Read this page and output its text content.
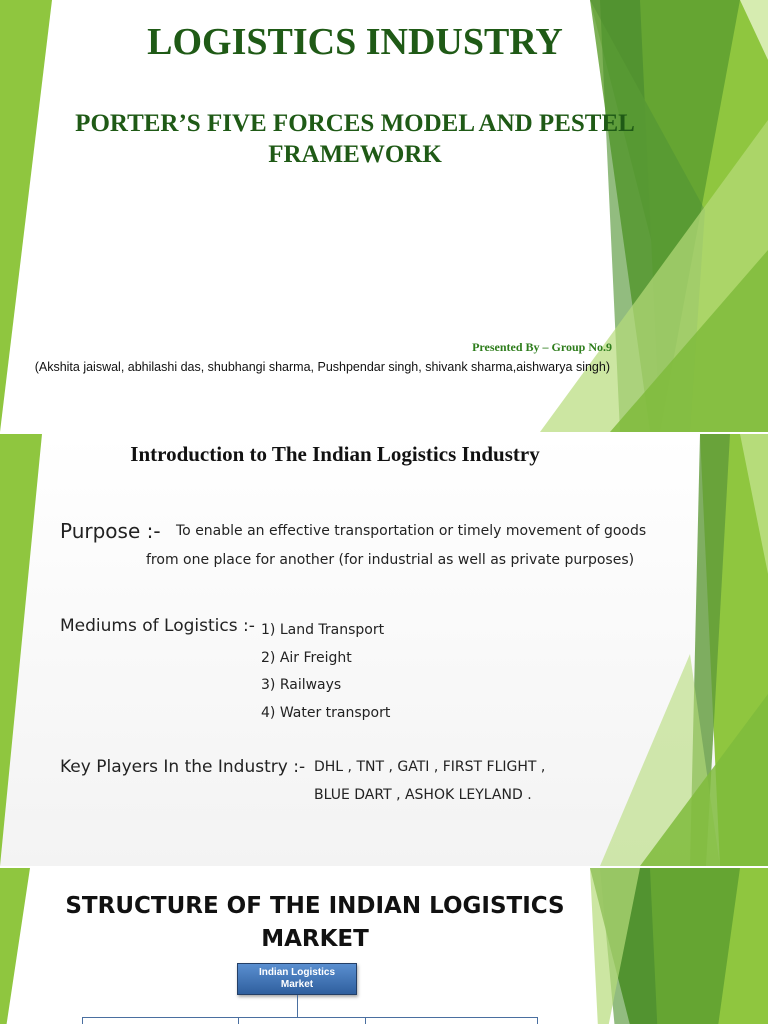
LOGISTICS INDUSTRY
PORTER’S FIVE FORCES MODEL AND PESTEL FRAMEWORK

Presented By – Group No.9

(Akshita jaiswal, abhilashi das, shubhangi sharma, Pushpendar singh, shivank sharma,aishwarya singh)

Introduction to The Indian Logistics Industry

Purpose :- To enable an effective transportation or timely movement of goods

from one place for another (for industrial as well as private purposes)

Mediums of Logistics :- 1) Land Transport
2) Air Freight
3) Railways
4) Water transport

Key Players In the Industry :- DHL , TNT , GATI , FIRST FLIGHT ,

BLUE DART , ASHOK LEYLAND .

STRUCTURE OF THE INDIAN LOGISTICS MARKET
Indian Logistics Market
